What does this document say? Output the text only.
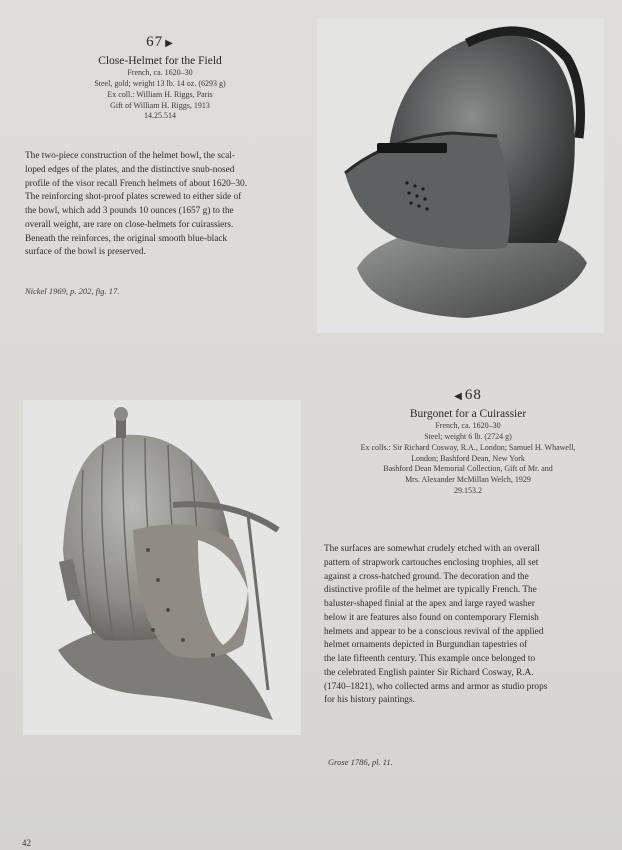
67 ▶
Close-Helmet for the Field
French, ca. 1620–30
Steel, gold; weight 13 lb. 14 oz. (6293 g)
Ex coll.: William H. Riggs, Paris
Gift of William H. Riggs, 1913
14.25.514
The two-piece construction of the helmet bowl, the scal-
loped edges of the plates, and the distinctive snub-nosed
profile of the visor recall French helmets of about 1620–30.
The reinforcing shot-proof plates screwed to either side of
the bowl, which add 3 pounds 10 ounces (1657 g) to the
overall weight, are rare on close-helmets for cuirassiers.
Beneath the reinforces, the original smooth blue-black
surface of the bowl is preserved.
Nickel 1969, p. 202, fig. 17.
◀ 68
Burgonet for a Cuirassier
French, ca. 1620–30
Steel; weight 6 lb. (2724 g)
Ex colls.: Sir Richard Cosway, R.A., London; Samuel H. Whawell,
London; Bashford Dean, New York
Bashford Dean Memorial Collection, Gift of Mr. and
Mrs. Alexander McMillan Welch, 1929
29.153.2
The surfaces are somewhat crudely etched with an overall
pattern of strapwork cartouches enclosing trophies, all set
against a cross-hatched ground. The decoration and the
distinctive profile of the helmet are typically French. The
baluster-shaped finial at the apex and large rayed washer
below it are features also found on contemporary Flemish
helmets and appear to be a conscious revival of the applied
helmet ornaments depicted in Burgundian tapestries of
the late fifteenth century. This example once belonged to
the celebrated English painter Sir Richard Cosway, R.A.
(1740–1821), who collected arms and armor as studio props
for his history paintings.
Grose 1786, pl. 11.
42
